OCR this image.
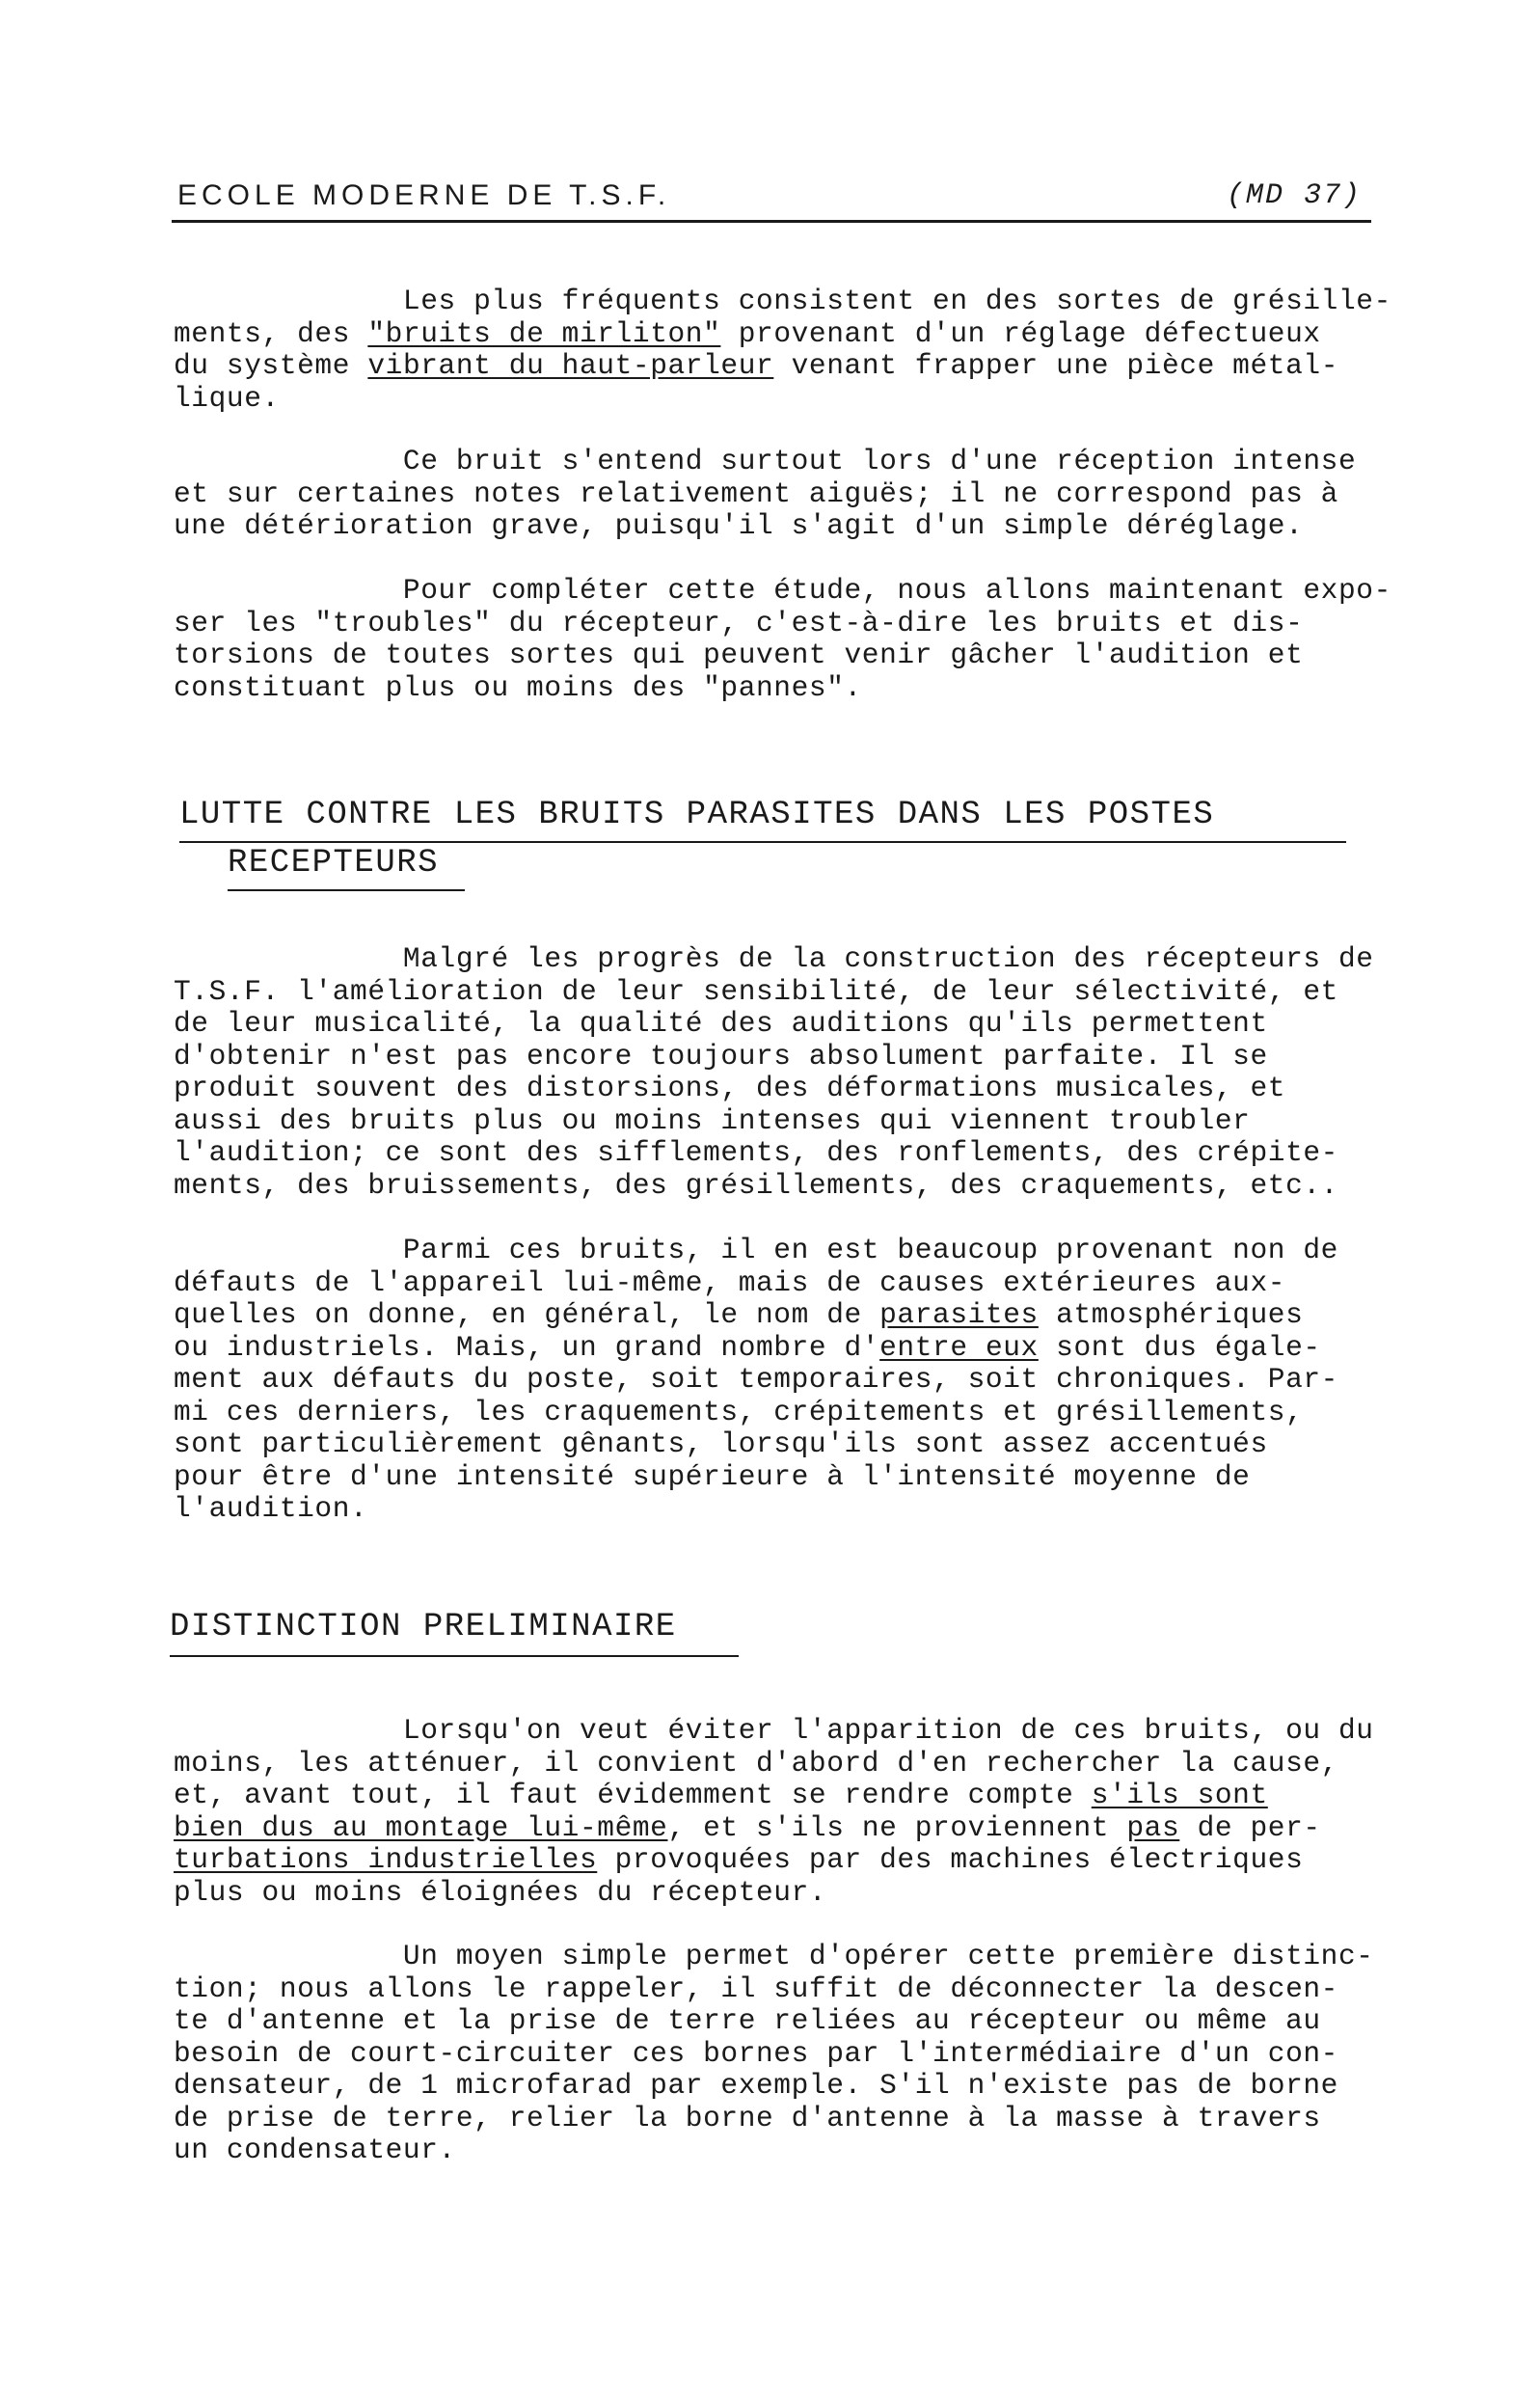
ECOLE MODERNE DE T.S.F.	(MD 37)
Les plus fréquents consistent en des sortes de grésille-
ments, des "bruits de mirliton" provenant d'un réglage défectueux
du système vibrant du haut-parleur venant frapper une pièce métal-
lique.
Ce bruit s'entend surtout lors d'une réception intense
et sur certaines notes relativement aiguës; il ne correspond pas à
une détérioration grave, puisqu'il s'agit d'un simple déréglage.
Pour compléter cette étude, nous allons maintenant expo-
ser les "troubles" du récepteur, c'est-à-dire les bruits et dis-
torsions de toutes sortes qui peuvent venir gâcher l'audition et
constituant plus ou moins des "pannes".
LUTTE CONTRE LES BRUITS PARASITES DANS LES POSTES
RECEPTEURS
Malgré les progrès de la construction des récepteurs de
T.S.F. l'amélioration de leur sensibilité, de leur sélectivité, et
de leur musicalité, la qualité des auditions qu'ils permettent
d'obtenir n'est pas encore toujours absolument parfaite. Il se
produit souvent des distorsions, des déformations musicales, et
aussi des bruits plus ou moins intenses qui viennent troubler
l'audition; ce sont des sifflements, des ronflements, des crépite-
ments, des bruissements, des grésillements, des craquements, etc..
Parmi ces bruits, il en est beaucoup provenant non de
défauts de l'appareil lui-même, mais de causes extérieures aux-
quelles on donne, en général, le nom de parasites atmosphériques
ou industriels. Mais, un grand nombre d'entre eux sont dus égale-
ment aux défauts du poste, soit temporaires, soit chroniques. Par-
mi ces derniers, les craquements, crépitements et grésillements,
sont particulièrement gênants, lorsqu'ils sont assez accentués
pour être d'une intensité supérieure à l'intensité moyenne de
l'audition.
DISTINCTION PRELIMINAIRE
Lorsqu'on veut éviter l'apparition de ces bruits, ou du
moins, les atténuer, il convient d'abord d'en rechercher la cause,
et, avant tout, il faut évidemment se rendre compte s'ils sont
bien dus au montage lui-même, et s'ils ne proviennent pas de per-
turbations industrielles provoquées par des machines électriques
plus ou moins éloignées du récepteur.
Un moyen simple permet d'opérer cette première distinc-
tion; nous allons le rappeler, il suffit de déconnecter la descen-
te d'antenne et la prise de terre reliées au récepteur ou même au
besoin de court-circuiter ces bornes par l'intermédiaire d'un con-
densateur, de 1 microfarad par exemple. S'il n'existe pas de borne
de prise de terre, relier la borne d'antenne à la masse à travers
un condensateur.
